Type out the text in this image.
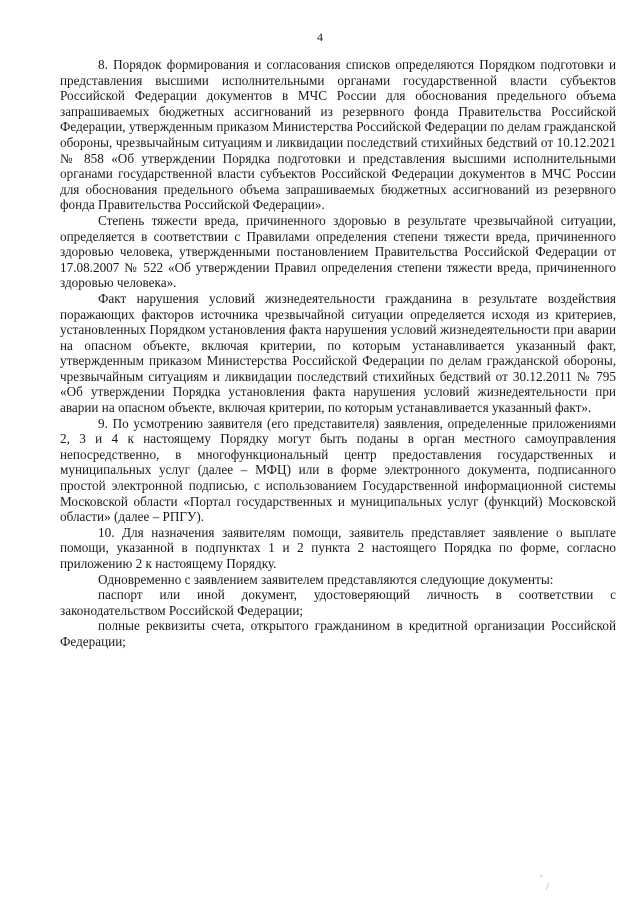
4

8. Порядок формирования и согласования списков определяются Порядком подготовки и представления высшими исполнительными органами государственной власти субъектов Российской Федерации документов в МЧС России для обоснования предельного объема запрашиваемых бюджетных ассигнований из резервного фонда Правительства Российской Федерации, утвержденным приказом Министерства Российской Федерации по делам гражданской обороны, чрезвычайным ситуациям и ликвидации последствий стихийных бедствий от 10.12.2021 № 858 «Об утверждении Порядка подготовки и представления высшими исполнительными органами государственной власти субъектов Российской Федерации документов в МЧС России для обоснования предельного объема запрашиваемых бюджетных ассигнований из резервного фонда Правительства Российской Федерации».

Степень тяжести вреда, причиненного здоровью в результате чрезвычайной ситуации, определяется в соответствии с Правилами определения степени тяжести вреда, причиненного здоровью человека, утвержденными постановлением Правительства Российской Федерации от 17.08.2007 № 522 «Об утверждении Правил определения степени тяжести вреда, причиненного здоровью человека».

Факт нарушения условий жизнедеятельности гражданина в результате воздействия поражающих факторов источника чрезвычайной ситуации определяется исходя из критериев, установленных Порядком установления факта нарушения условий жизнедеятельности при аварии на опасном объекте, включая критерии, по которым устанавливается указанный факт, утвержденным приказом Министерства Российской Федерации по делам гражданской обороны, чрезвычайным ситуациям и ликвидации последствий стихийных бедствий от 30.12.2011 № 795 «Об утверждении Порядка установления факта нарушения условий жизнедеятельности при аварии на опасном объекте, включая критерии, по которым устанавливается указанный факт».

9. По усмотрению заявителя (его представителя) заявления, определенные приложениями 2, 3 и 4 к настоящему Порядку могут быть поданы в орган местного самоуправления непосредственно, в многофункциональный центр предоставления государственных и муниципальных услуг (далее – МФЦ) или в форме электронного документа, подписанного простой электронной подписью, с использованием Государственной информационной системы Московской области «Портал государственных и муниципальных услуг (функций) Московской области» (далее – РПГУ).

10. Для назначения заявителям помощи, заявитель представляет заявление о выплате помощи, указанной в подпунктах 1 и 2 пункта 2 настоящего Порядка по форме, согласно приложению 2 к настоящему Порядку.

Одновременно с заявлением заявителем представляются следующие документы:

паспорт или иной документ, удостоверяющий личность в соответствии с законодательством Российской Федерации;

полные реквизиты счета, открытого гражданином в кредитной организации Российской Федерации;

,
/
